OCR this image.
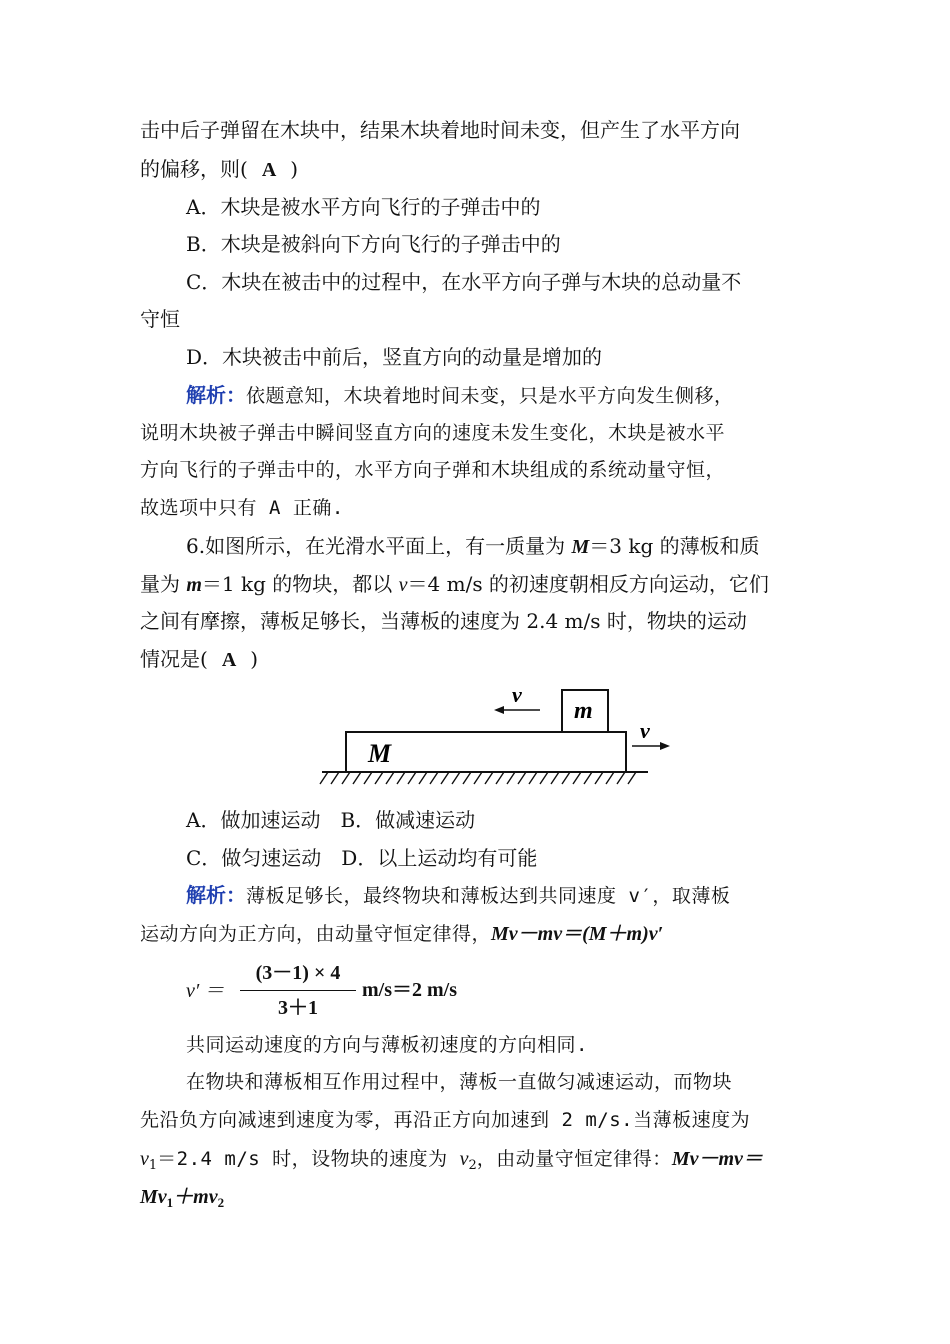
击中后子弹留在木块中，结果木块着地时间未变，但产生了水平方向
的偏移，则( A )
A．木块是被水平方向飞行的子弹击中的
B．木块是被斜向下方向飞行的子弹击中的
C．木块在被击中的过程中，在水平方向子弹与木块的总动量不
守恒
D．木块被击中前后，竖直方向的动量是增加的
解析：依题意知，木块着地时间未变，只是水平方向发生侧移，
说明木块被子弹击中瞬间竖直方向的速度未发生变化，木块是被水平
方向飞行的子弹击中的，水平方向子弹和木块组成的系统动量守恒，
故选项中只有 A 正确.
6.如图所示，在光滑水平面上，有一质量为 M＝3 kg 的薄板和质
量为 m＝1 kg 的物块，都以 v＝4 m/s 的初速度朝相反方向运动，它们
之间有摩擦，薄板足够长，当薄板的速度为 2.4 m/s 时，物块的运动
情况是( A )
M
m
v
v
A．做加速运动　B．做减速运动
C．做匀速运动　D．以上运动均有可能
解析：薄板足够长，最终物块和薄板达到共同速度 v′，取薄板
运动方向为正方向，由动量守恒定律得，Mv－mv＝(M＋m)v′
v′ ＝
(3－1) × 4
3＋1
m/s＝2 m/s
共同运动速度的方向与薄板初速度的方向相同.
在物块和薄板相互作用过程中，薄板一直做匀减速运动，而物块
先沿负方向减速到速度为零，再沿正方向加速到 2 m/s.当薄板速度为
$v_1=2.4$ m/s 时，设物块的速度为 $v_2$，由动量守恒定律得：Mv－mv＝
$Mv_1+mv_2$
